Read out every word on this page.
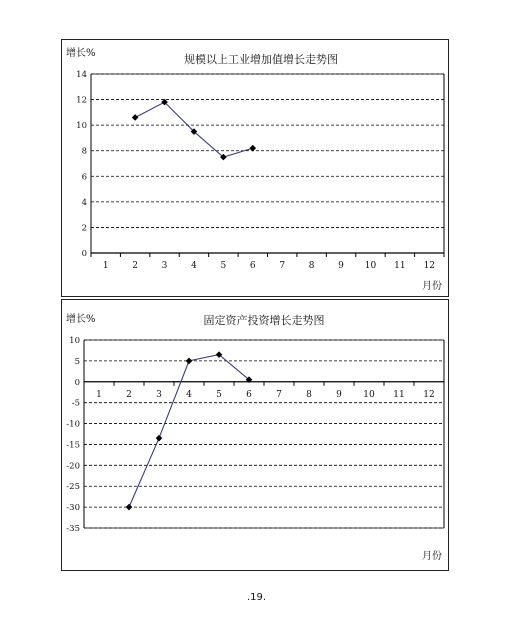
规模以上工业增加值增长走势图
增长%
月份
0
2
4
6
8
10
12
14
1	2	3	4	5	6	7	8	9 10 11 12
固定资产投资增长走势图
增长%
月份
10
5
0
-5
-10
-15
-20
-25
-30
-35
1	2	3	4	5	6	7	8	9 10 11 12
.19.
